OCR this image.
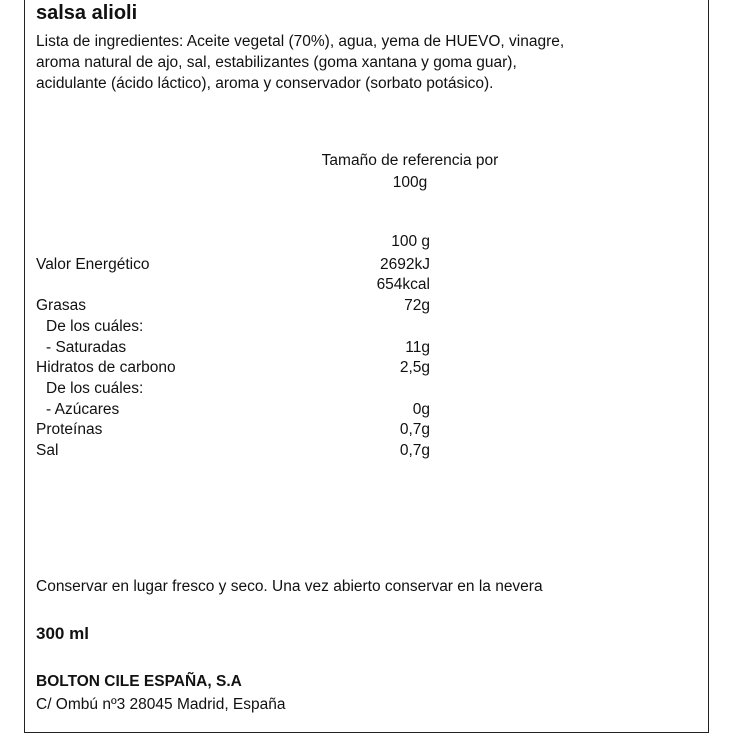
salsa alioli
Lista de ingredientes: Aceite vegetal (70%), agua, yema de HUEVO, vinagre,
aroma natural de ajo, sal, estabilizantes (goma xantana y goma guar),
acidulante (ácido láctico), aroma y conservador (sorbato potásico).
Tamaño de referencia por
100g
100 g
Valor Energético	2692kJ
654kcal
Grasas	72g
De los cuáles:
- Saturadas	11g
Hidratos de carbono	2,5g
De los cuáles:
- Azúcares	0g
Proteínas	0,7g
Sal	0,7g
Conservar en lugar fresco y seco. Una vez abierto conservar en la nevera
300 ml
BOLTON CILE ESPAÑA, S.A
C/ Ombú nº3 28045 Madrid, España
